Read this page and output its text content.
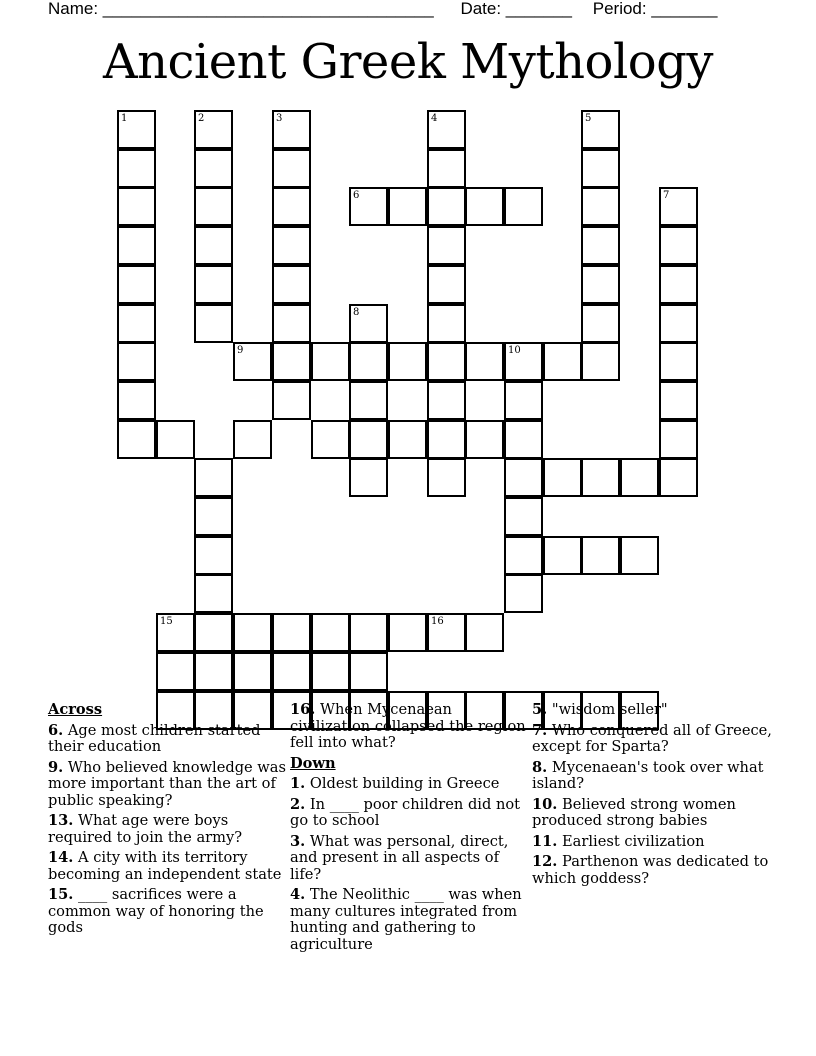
Name: ___________________________________ Date: _______ Period: _______
Ancient Greek Mythology
1	2	3	4	5
7
6
8
9	10
15	16
Across
6. Age most children started their education
9. Who believed knowledge was more important than the art of public speaking?
13. What age were boys required to join the army?
14. A city with its territory becoming an independent state
15. ____ sacrifices were a common way of honoring the gods
16. When Mycenaean civilization collapsed the region fell into what?
Down
1. Oldest building in Greece
2. In ____ poor children did not go to school
3. What was personal, direct, and present in all aspects of life?
4. The Neolithic ____ was when many cultures integrated from hunting and gathering to agriculture
5. "wisdom seller"
7. Who conquered all of Greece, except for Sparta?
8. Mycenaean's took over what island?
10. Believed strong women produced strong babies
11. Earliest civilization
12. Parthenon was dedicated to which goddess?
